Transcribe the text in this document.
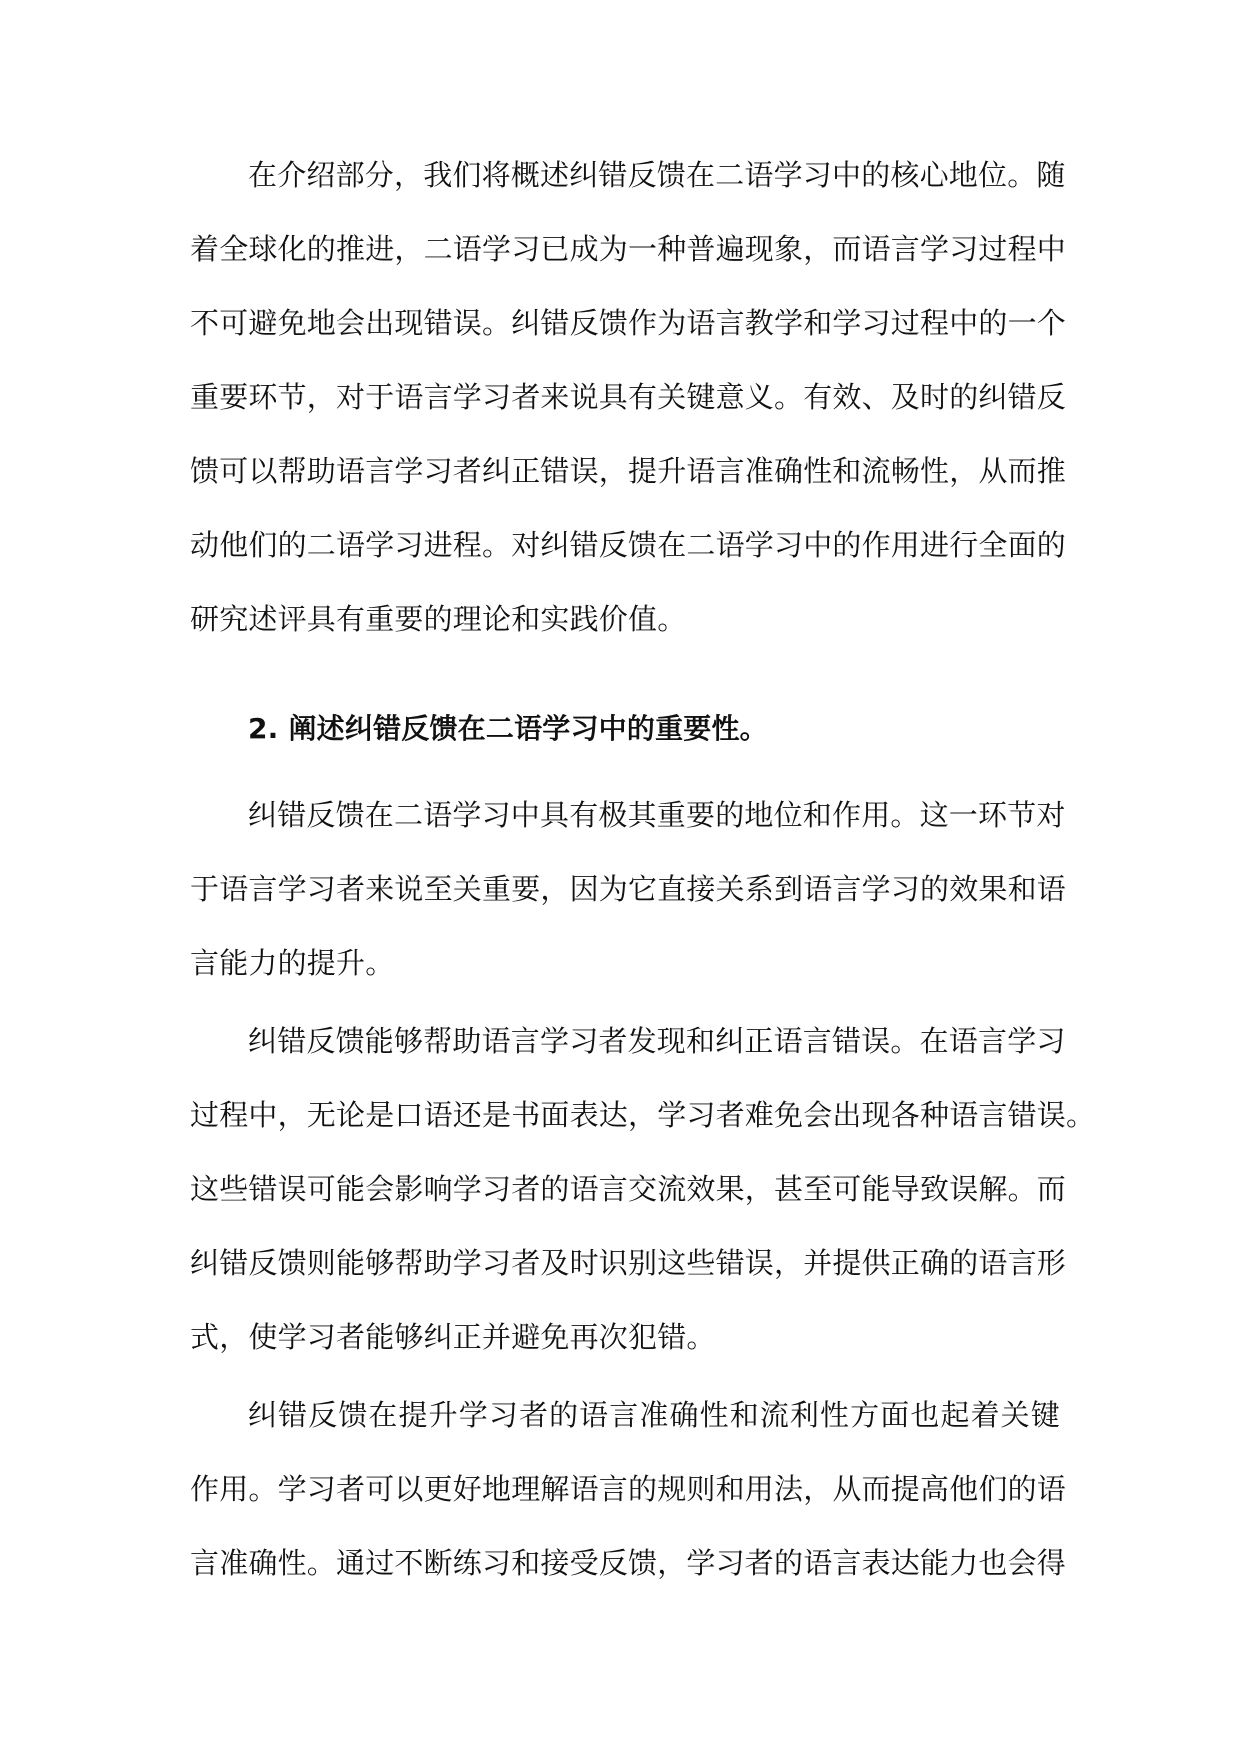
在介绍部分，我们将概述纠错反馈在二语学习中的核心地位。随
着全球化的推进，二语学习已成为一种普遍现象，而语言学习过程中
不可避免地会出现错误。纠错反馈作为语言教学和学习过程中的一个
重要环节，对于语言学习者来说具有关键意义。有效、及时的纠错反
馈可以帮助语言学习者纠正错误，提升语言准确性和流畅性，从而推
动他们的二语学习进程。对纠错反馈在二语学习中的作用进行全面的
研究述评具有重要的理论和实践价值。
2. 阐述纠错反馈在二语学习中的重要性。
纠错反馈在二语学习中具有极其重要的地位和作用。这一环节对
于语言学习者来说至关重要，因为它直接关系到语言学习的效果和语
言能力的提升。
纠错反馈能够帮助语言学习者发现和纠正语言错误。在语言学习
过程中，无论是口语还是书面表达，学习者难免会出现各种语言错误。
这些错误可能会影响学习者的语言交流效果，甚至可能导致误解。而
纠错反馈则能够帮助学习者及时识别这些错误，并提供正确的语言形
式，使学习者能够纠正并避免再次犯错。
纠错反馈在提升学习者的语言准确性和流利性方面也起着关键
作用。学习者可以更好地理解语言的规则和用法，从而提高他们的语
言准确性。通过不断练习和接受反馈，学习者的语言表达能力也会得
